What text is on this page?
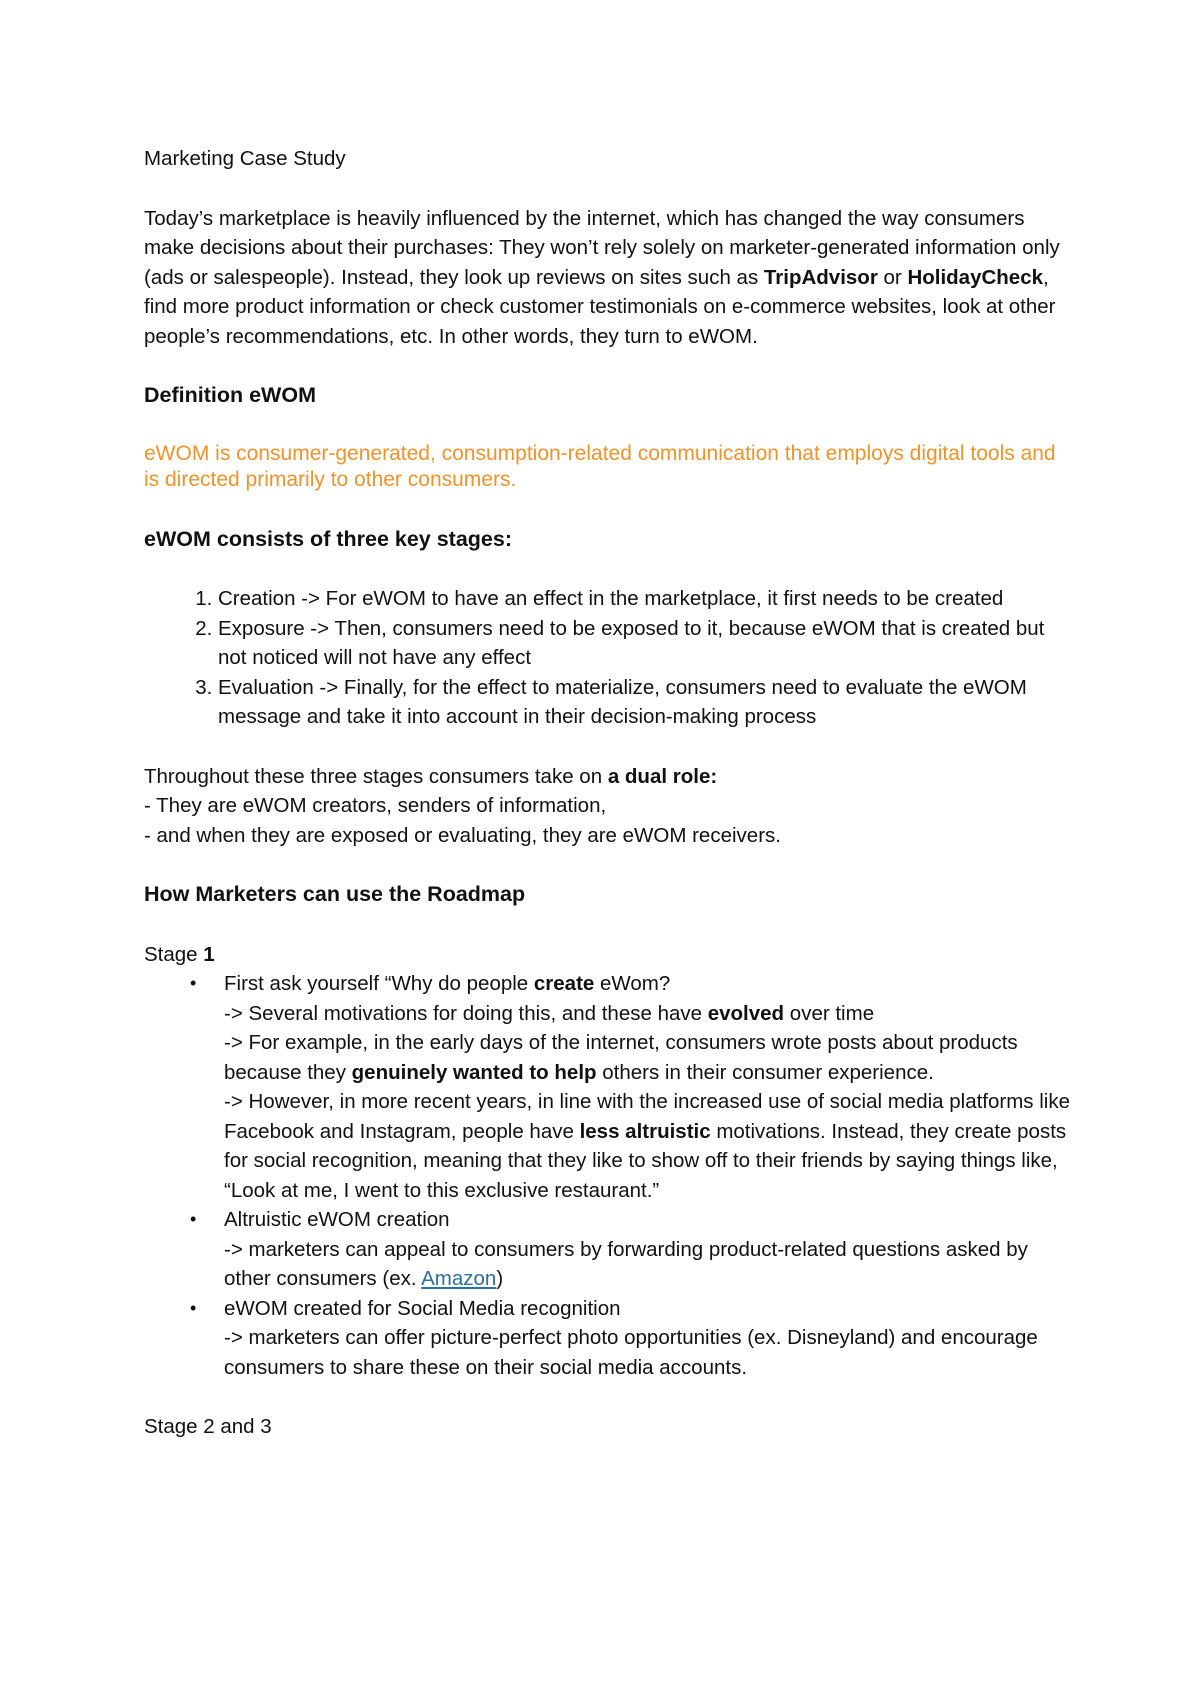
Marketing Case Study

Today’s marketplace is heavily influenced by the internet, which has changed the way consumers make decisions about their purchases: They won’t rely solely on marketer-generated information only (ads or salespeople). Instead, they look up reviews on sites such as TripAdvisor or HolidayCheck, find more product information or check customer testimonials on e-commerce websites, look at other people’s recommendations, etc. In other words, they turn to eWOM.

Definition eWOM

eWOM is consumer-generated, consumption-related communication that employs digital tools and is directed primarily to other consumers.

eWOM consists of three key stages:

1. Creation -> For eWOM to have an effect in the marketplace, it first needs to be created
2. Exposure -> Then, consumers need to be exposed to it, because eWOM that is created but not noticed will not have any effect
3. Evaluation -> Finally, for the effect to materialize, consumers need to evaluate the eWOM message and take it into account in their decision-making process

Throughout these three stages consumers take on a dual role:

- They are eWOM creators, senders of information,

- and when they are exposed or evaluating, they are eWOM receivers.

How Marketers can use the Roadmap

Stage 1

• First ask yourself “Why do people create eWom?

-> Several motivations for doing this, and these have evolved over time

-> For example, in the early days of the internet, consumers wrote posts about products because they genuinely wanted to help others in their consumer experience.

-> However, in more recent years, in line with the increased use of social media platforms like Facebook and Instagram, people have less altruistic motivations. Instead, they create posts for social recognition, meaning that they like to show off to their friends by saying things like, “Look at me, I went to this exclusive restaurant.”

• Altruistic eWOM creation

-> marketers can appeal to consumers by forwarding product-related questions asked by other consumers (ex. Amazon)

• eWOM created for Social Media recognition

-> marketers can offer picture-perfect photo opportunities (ex. Disneyland) and encourage consumers to share these on their social media accounts.

Stage 2 and 3
